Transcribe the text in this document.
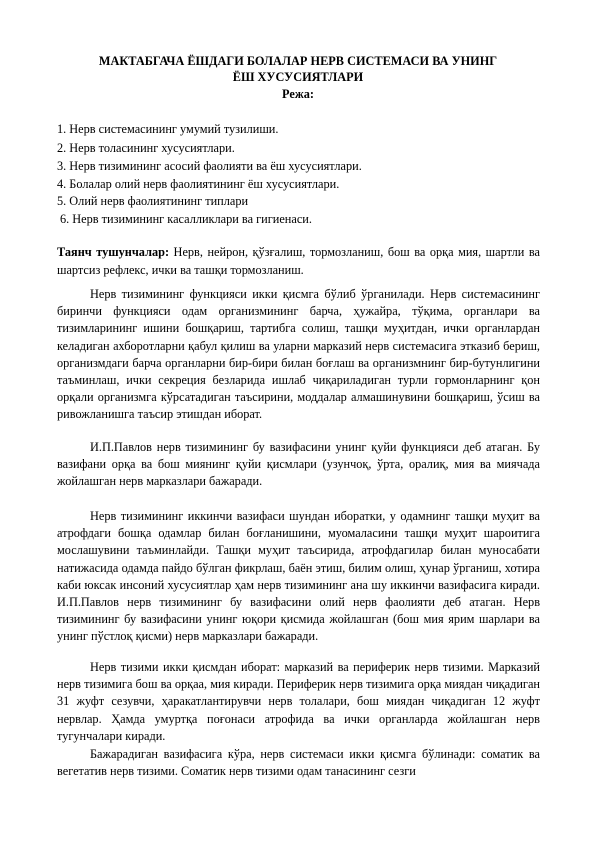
МАКТАБГАЧА ЁШДАГИ БОЛАЛАР НЕРВ СИСТЕМАСИ ВА УНИНГ
ЁШ ХУСУСИЯТЛАРИ
Режа:
1. Нерв системасининг умумий тузилиши.
2. Нерв толасининг хусусиятлари.
3. Нерв тизимининг асосий фаолияти ва ёш хусусиятлари.
4. Болалар олий нерв фаолиятининг ёш хусусиятлари.
5. Олий нерв фаолиятининг типлари
6. Нерв тизимининг касалликлари ва гигиенаси.

Таянч тушунчалар: Нерв, нейрон, қўзғалиш, тормозланиш, бош ва орқа мия, шартли ва шартсиз рефлекс, ички ва ташқи тормозланиш.

Нерв тизимининг функцияси икки қисмга бўлиб ўрганилади. Нерв системасининг биринчи функцияси одам организмининг барча, ҳужайра, тўқима, органлари ва тизимларининг ишини бошқариш, тартибга солиш, ташқи муҳитдан, ички органлардан келадиган ахборотларни қабул қилиш ва уларни марказий нерв системасига этказиб бериш, организмдаги барча органларни бир-бири билан боғлаш ва организмнинг бир-бутунлигини таъминлаш, ички секреция безларида ишлаб чиқариладиган турли гормонларнинг қон орқали организмга кўрсатадиган таъсирини, моддалар алмашинувини бошқариш, ўсиш ва ривожланишга таъсир этишдан иборат.

И.П.Павлов нерв тизимининг бу вазифасини унинг қуйи функцияси деб атаган. Бу вазифани орқа ва бош миянинг қуйи қисмлари (узунчоқ, ўрта, оралиқ, мия ва миячада жойлашган нерв марказлари бажаради.

Нерв тизимининг иккинчи вазифаси шундан иборатки, у одамнинг ташқи муҳит ва атрофдаги бошқа одамлар билан боғланишини, муомаласини ташқи муҳит шароитига мослашувини таъминлайди. Ташқи муҳит таъсирида, атрофдагилар билан муносабати натижасида одамда пайдо бўлган фикрлаш, баён этиш, билим олиш, ҳунар ўрганиш, хотира каби юксак инсоний хусусиятлар ҳам нерв тизимининг ана шу иккинчи вазифасига киради. И.П.Павлов нерв тизимининг бу вазифасини олий нерв фаолияти деб атаган. Нерв тизимининг бу вазифасини унинг юқори қисмида жойлашган (бош мия ярим шарлари ва унинг пўстлоқ қисми) нерв марказлари бажаради.

Нерв тизими икки қисмдан иборат: марказий ва периферик нерв тизими. Марказий нерв тизимига бош ва орқаа, мия киради. Периферик нерв тизимига орқа миядан чиқадиган 31 жуфт сезувчи, ҳаракатлантирувчи нерв толалари, бош миядан чиқадиган 12 жуфт нервлар. Ҳамда умуртқа поғонаси атрофида ва ички органларда жойлашган нерв тугунчалари киради.

Бажарадиган вазифасига кўра, нерв системаси икки қисмга бўлинади: соматик ва вегетатив нерв тизими. Соматик нерв тизими одам танасининг сезги
